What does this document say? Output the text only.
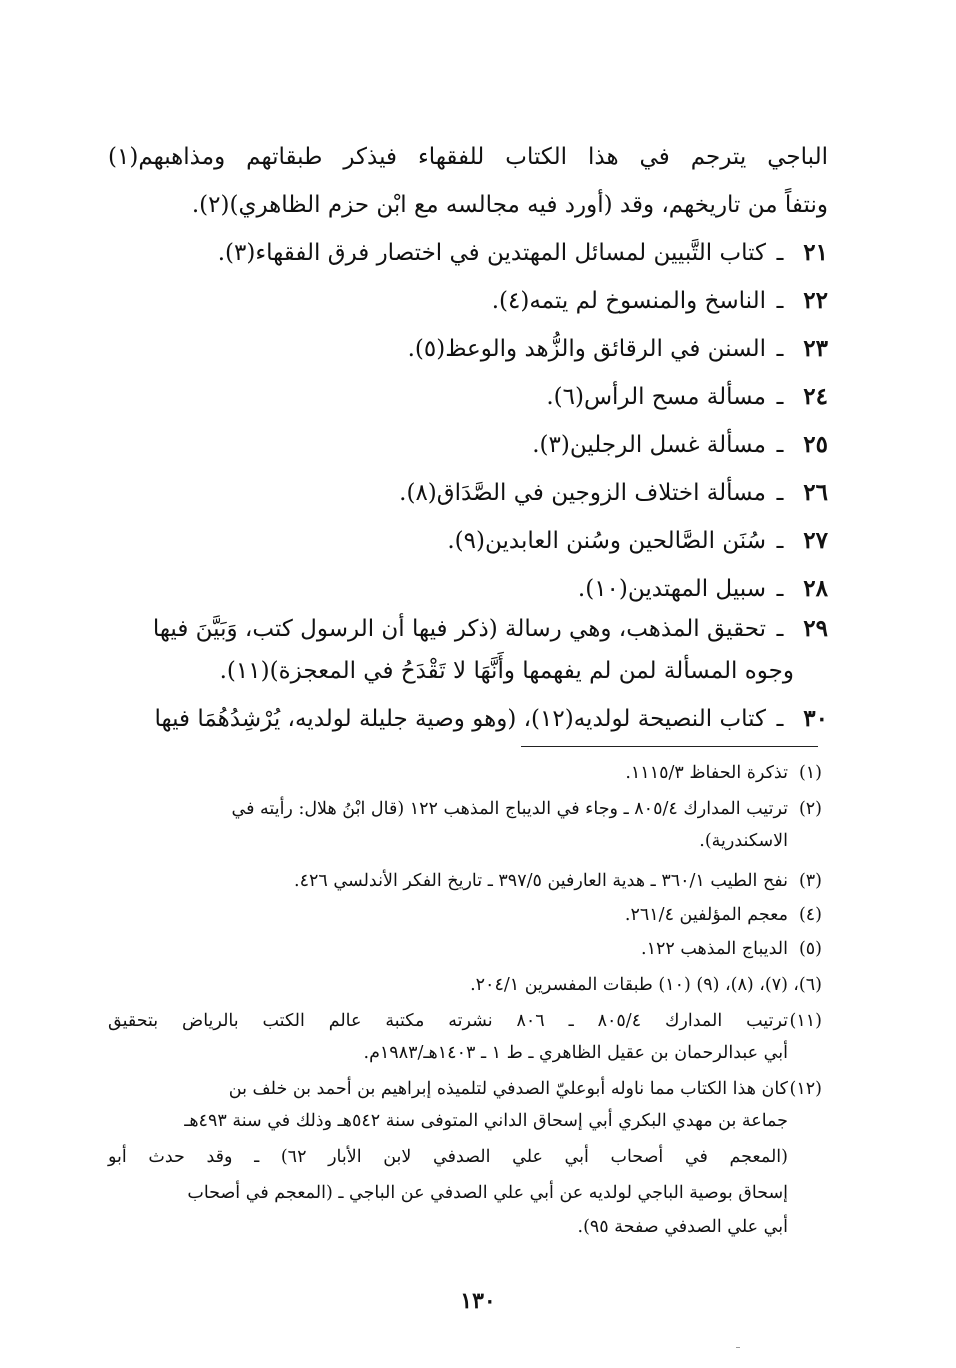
الباجي يترجم في هذا الكتاب للفقهاء فيذكر طبقاتهم ومذاهبهم(١)
ونتفاً من تاريخهم، وقد (أورد فيه مجالسه مع ابْن حزم الظاهري)(٢).
٢١ـكتاب التَّبيين لمسائل المهتدين في اختصار فرق الفقهاء(٣).
٢٢ـالناسخ والمنسوخ لم يتمه(٤).
٢٣ـالسنن في الرقائق والزُّهد والوعظ(٥).
٢٤ـمسألة مسح الرأس(٦).
٢٥ـمسألة غسل الرجلين(٣).
٢٦ـمسألة اختلاف الزوجين في الصَّدَاق(٨).
٢٧ـسُنَن الصَّالحين وسُنن العابدين(٩).
٢٨ـسبيل المهتدين(١٠).
٢٩ـتحقيق المذهب، وهي رسالة (ذكر فيها أن الرسول كتب، وَبَيَّنَ فيها
وجوه المسألة لمن لم يفهمها وأَنَّهَا لا تَقْدَحُ في المعجزة)(١١).
٣٠ـكتاب النصيحة لولديه(١٢)، (وهو وصية جليلة لولديه، يُرْشِدُهُمَا فيها
(١)تذكرة الحفاظ ١١١٥/٣.
(٢)ترتيب المدارك ٨٠٥/٤ ـ وجاء في الديباج المذهب ١٢٢ (قال ابْنُ هلال: رأيته في
الاسكندرية).
(٣)نفح الطيب ٣٦٠/١ ـ هدية العارفين ٣٩٧/٥ ـ تاريخ الفكر الأندلسي ٤٢٦.
(٤)معجم المؤلفين ٢٦١/٤.
(٥)الديباج المذهب ١٢٢.
(٦)،(٧)، (٨)، (٩) (١٠) طبقات المفسرين ٢٠٤/١.
(١١)ترتيب المدارك ٨٠٥/٤ ـ ٨٠٦ نشرته مكتبة عالم الكتب بالرياض بتحقيق
أبي عبدالرحمان بن عقيل الظاهري ـ ط ١ ـ ١٤٠٣هـ/١٩٨٣م.
(١٢)كان هذا الكتاب مما ناوله أبوعليّ الصدفي لتلميذه إبراهيم بن أحمد بن خلف بن
جماعة بن مهدي البكري أبي إسحاق الداني المتوفى سنة ٥٤٢هـ وذلك في سنة ٤٩٣هـ
(المعجم في أصحاب أبي علي الصدفي لابن الأبار ٦٢) ـ وقد حدث أبو
إسحاق بوصية الباجي لولديه عن أبي علي الصدفي عن الباجي ـ (المعجم في أصحاب
أبي علي الصدفي صفحة ٩٥).
١٣٠
